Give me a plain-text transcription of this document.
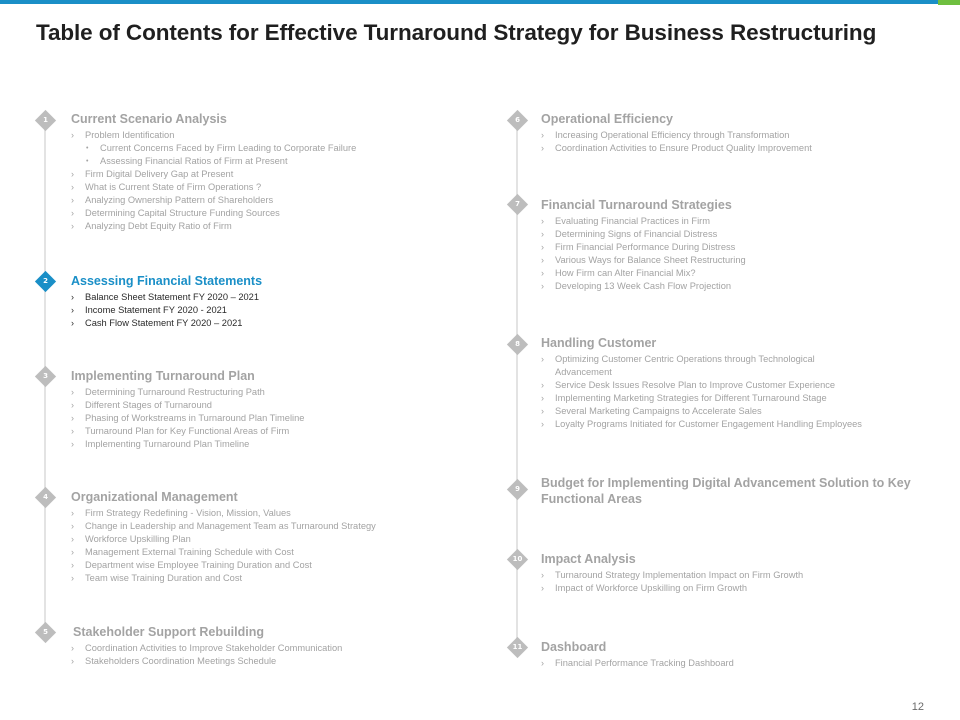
Table of Contents for Effective Turnaround Strategy for Business Restructuring
1	Current Scenario Analysis
› Problem Identification
• Current Concerns Faced by Firm Leading to Corporate Failure
• Assessing Financial Ratios of Firm at Present
› Firm Digital Delivery Gap at Present
› What is Current State of Firm Operations ?
› Analyzing Ownership Pattern of Shareholders
› Determining Capital Structure Funding Sources
› Analyzing Debt Equity Ratio of Firm
2	Assessing Financial Statements
› Balance Sheet Statement FY 2020 – 2021
› Income Statement FY 2020 - 2021
› Cash Flow Statement FY 2020 – 2021
3	Implementing Turnaround Plan
› Determining Turnaround Restructuring Path
› Different Stages of Turnaround
› Phasing of Workstreams in Turnaround Plan Timeline
› Turnaround Plan for Key Functional Areas of Firm
› Implementing Turnaround Plan Timeline
4	Organizational Management
› Firm Strategy Redefining - Vision, Mission, Values
› Change in Leadership and Management Team as Turnaround Strategy
› Workforce Upskilling Plan
› Management External Training Schedule with Cost
› Department wise Employee Training Duration and Cost
› Team wise Training Duration and Cost
5	Stakeholder Support Rebuilding
› Coordination Activities to Improve Stakeholder Communication
› Stakeholders Coordination Meetings Schedule
6	Operational Efficiency
› Increasing Operational Efficiency through Transformation
› Coordination Activities to Ensure Product Quality Improvement
7	Financial Turnaround Strategies
› Evaluating Financial Practices in Firm
› Determining Signs of Financial Distress
› Firm Financial Performance During Distress
› Various Ways for Balance Sheet Restructuring
› How Firm can Alter Financial Mix?
› Developing 13 Week Cash Flow Projection
8	Handling Customer
› Optimizing Customer Centric Operations through Technological Advancement
› Service Desk Issues Resolve Plan to Improve Customer Experience
› Implementing Marketing Strategies for Different Turnaround Stage
› Several Marketing Campaigns to Accelerate Sales
› Loyalty Programs Initiated for Customer Engagement Handling Employees
9	Budget for Implementing Digital Advancement Solution to Key Functional Areas
10 Impact Analysis
› Turnaround Strategy Implementation Impact on Firm Growth
› Impact of Workforce Upskilling on Firm Growth
11 Dashboard
› Financial Performance Tracking Dashboard
12
